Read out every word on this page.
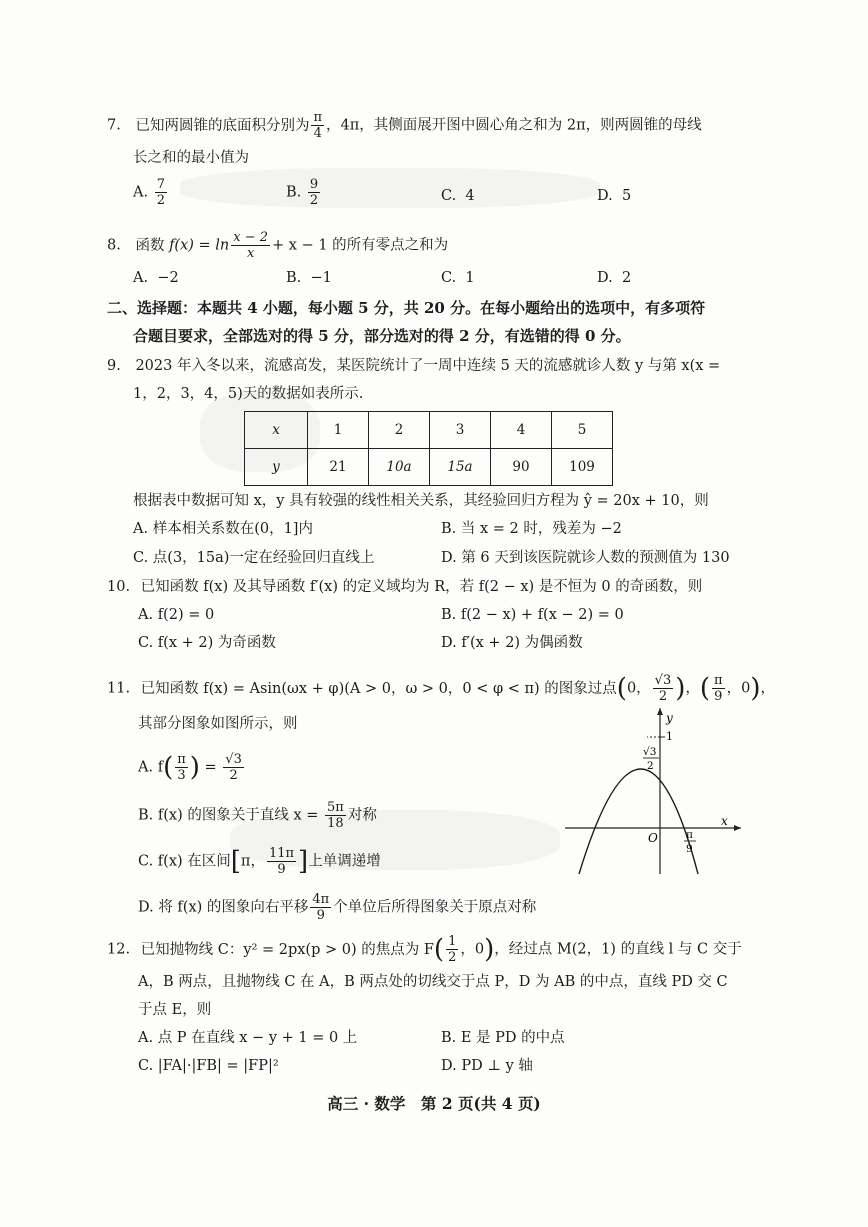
7. 已知两圆锥的底面积分别为 $\frac{\pi}{4}$ ，4π，其侧面展开图中圆心角之和为 2π，则两圆锥的母线
长之和的最小值为
A. $\frac{7}{2}$	B. $\frac{9}{2}$	C. 4	D. 5
8. 函数 $f(x) = \ln \frac{x - 2}{x} + x - 1$ 的所有零点之和为
A. −2	B. −1	C. 1	D. 2
二、选择题：本题共 4 小题，每小题 5 分，共 20 分。在每小题给出的选项中，有多项符
合题目要求，全部选对的得 5 分，部分选对的得 2 分，有选错的得 0 分。
9. 2023 年入冬以来，流感高发，某医院统计了一周中连续 5 天的流感就诊人数 y 与第 x(x =
1，2，3，4，5)天的数据如表所示.
x	1	2	3	4	5
y	21	10a	15a	90	109
根据表中数据可知 x，y 具有较强的线性相关关系，其经验回归方程为 ŷ = 20x + 10，则
A. 样本相关系数在(0，1]内	B. 当 x = 2 时，残差为 −2
C. 点(3，15a)一定在经验回归直线上	D. 第 6 天到该医院就诊人数的预测值为 130
10. 已知函数 f(x) 及其导函数 f′(x) 的定义域均为 R，若 f(2 − x) 是不恒为 0 的奇函数，则
A. f(2) = 0	B. f(2 − x) + f(x − 2) = 0
C. f(x + 2) 为奇函数	D. f′(x + 2) 为偶函数
11. 已知函数 f(x) = Asin(ωx + φ)(A > 0，ω > 0，0 < φ < π) 的图象过点(0， $\frac{√3}{2}$ )，( $\frac{\pi}{9}$ ，0)，
其部分图象如图所示，则
A. $f( \frac{\pi}{3}$ ) = $\frac{√3}{2}$
B. f(x) 的图象关于直线 $x = \frac{5\pi}{18}$ 对称
C. f(x) 在区间[π， $\frac{11\pi}{9}$ ]上单调递增
D. 将 f(x) 的图象向右平移 $\frac{4\pi}{9}$ 个单位后所得图象关于原点对称
y
x
O
1
√3
2
π
9
12. 已知抛物线 C：y² = 2px(p > 0) 的焦点为 $F( \frac{1}{2}$ ，0)，经过点 M(2，1) 的直线 l 与 C 交于
A，B 两点，且抛物线 C 在 A，B 两点处的切线交于点 P，D 为 AB 的中点，直线 PD 交 C
于点 E，则
A. 点 P 在直线 x − y + 1 = 0 上	B. E 是 PD 的中点
C. |FA|·|FB| = |FP|²	D. PD ⊥ y 轴
高三 · 数学　第 2 页(共 4 页)
